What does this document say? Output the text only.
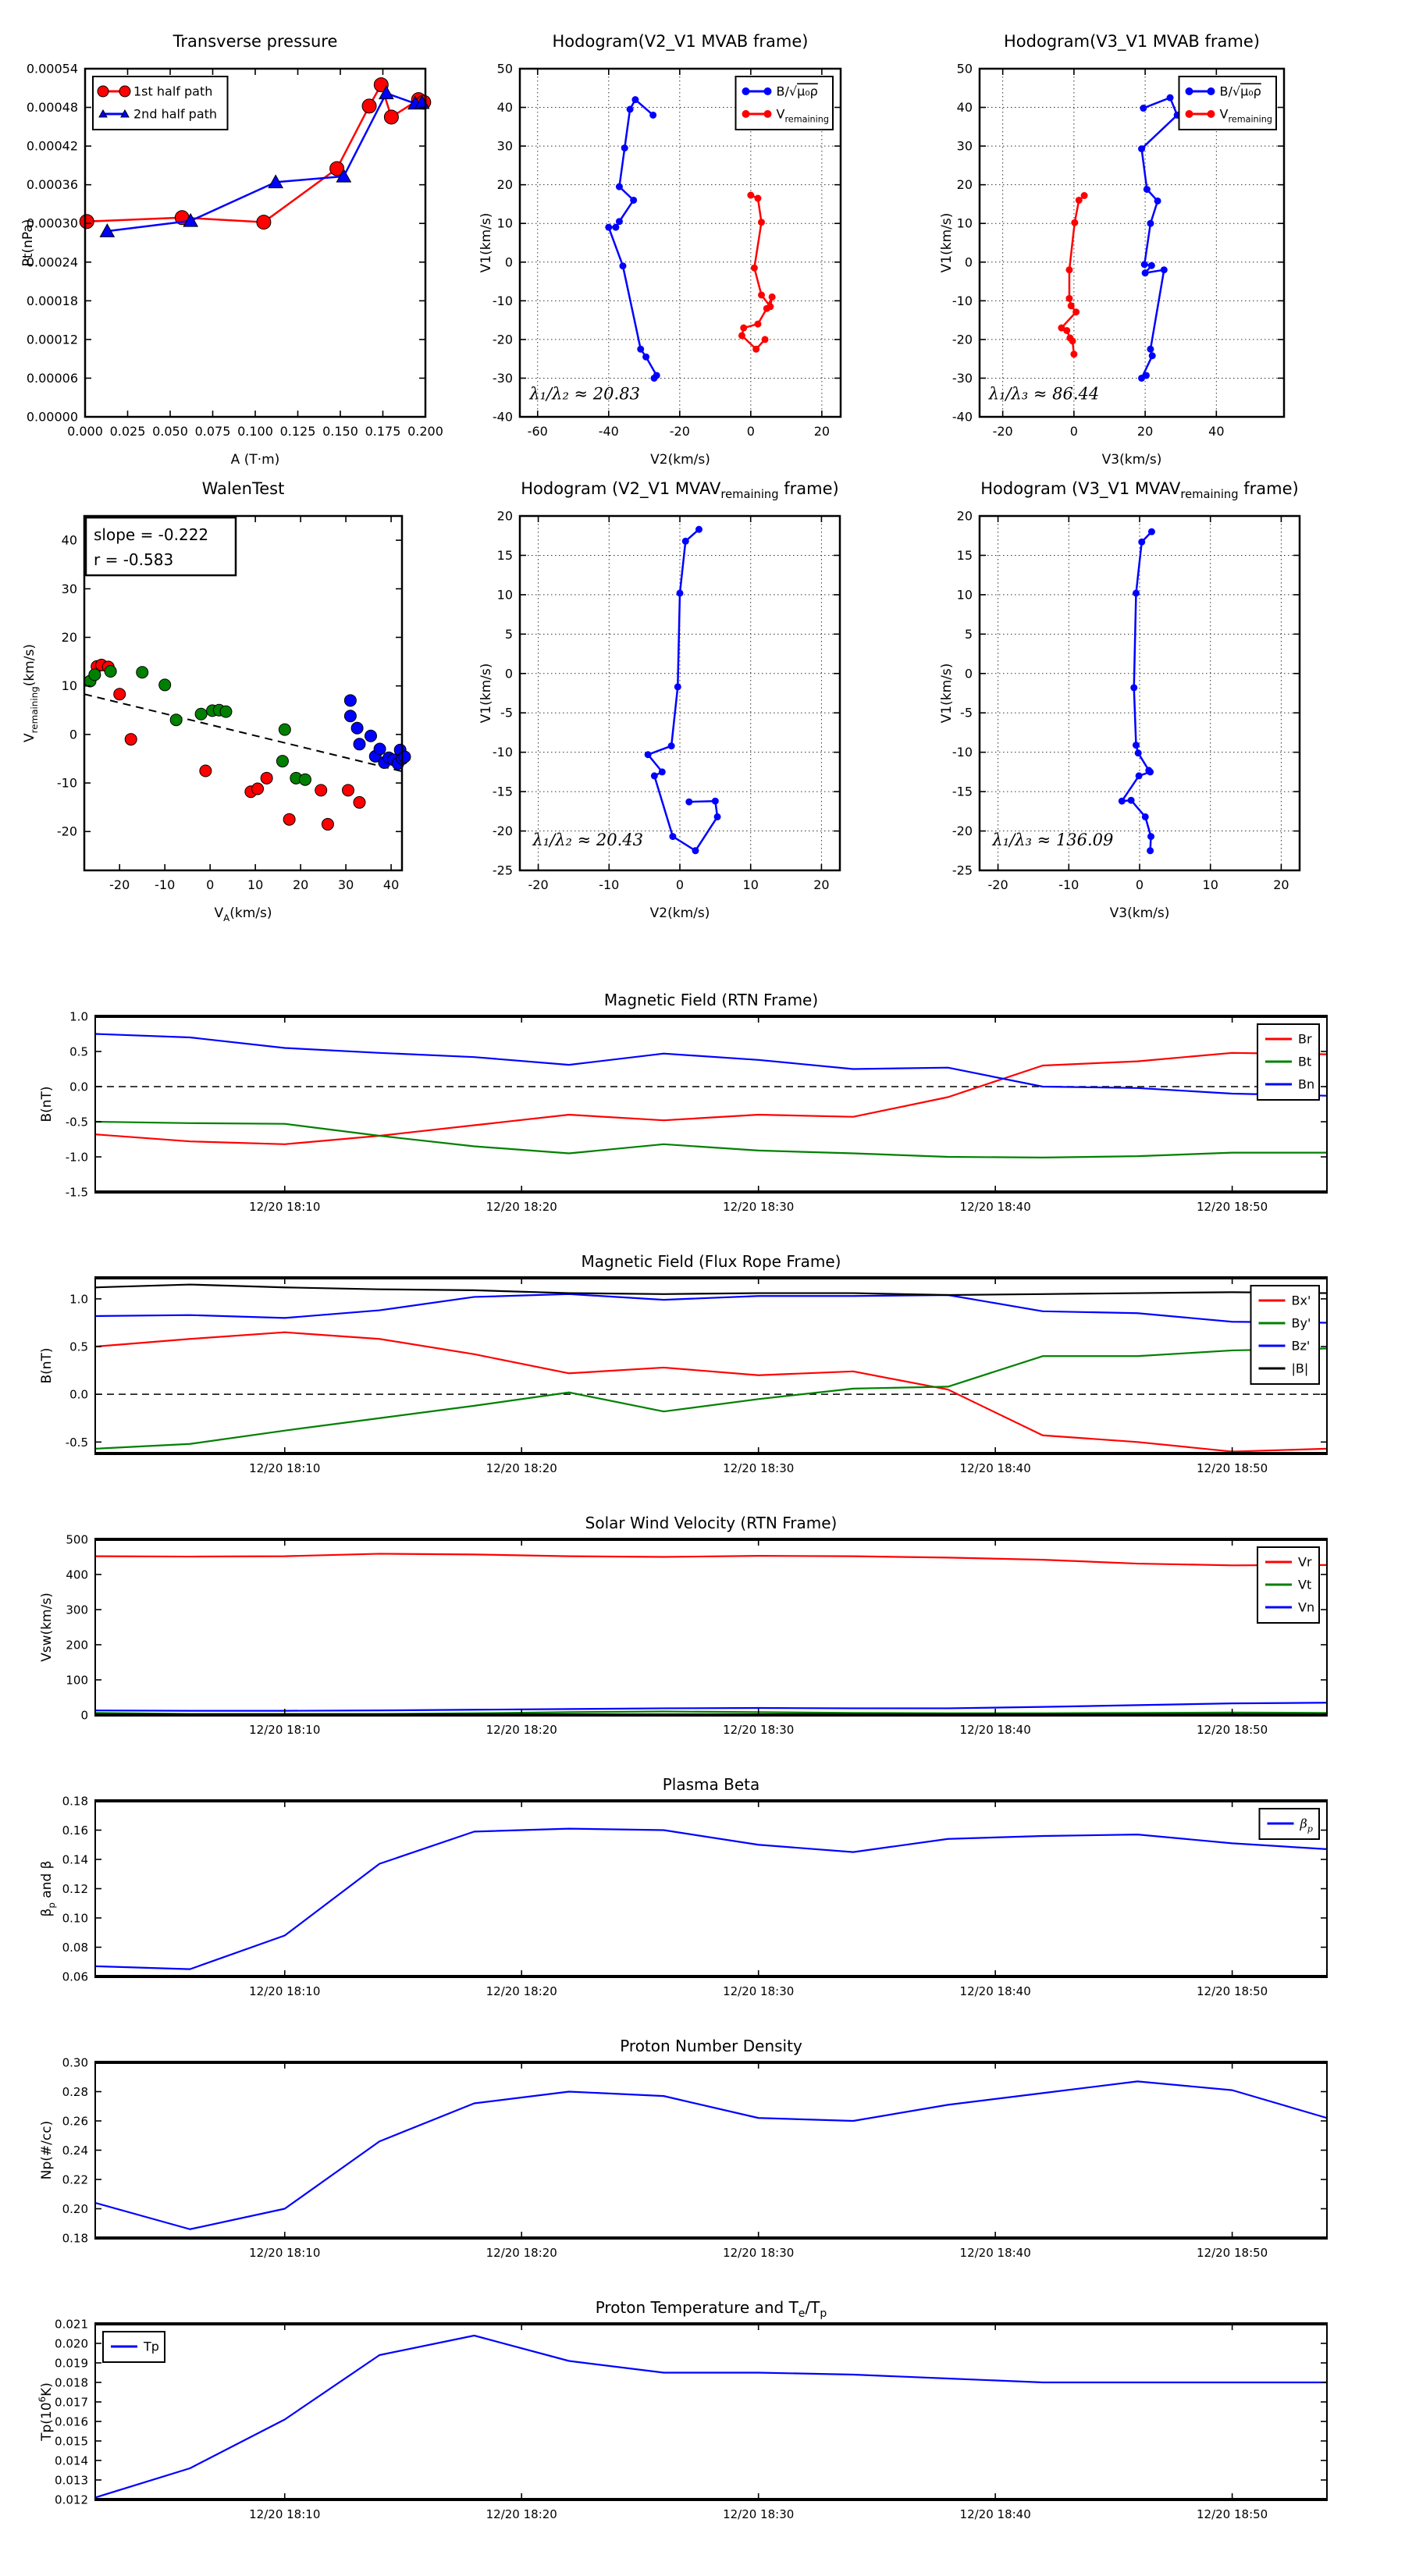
0.000 0.025 0.050 0.075 0.100 0.125 0.150 0.175 0.200
0.00000
0.00006
0.00012
0.00018
0.00024
0.00030
0.00036
0.00042
0.00048
0.00054
Transverse pressure
A (T·m)
Pt(nPa)
1st half path
2nd half path
-60	-40	-20	0	20
-40
-30
-20
-10
0
10
20
30
40
50
Hodogram(V2_V1 MVAB frame)
V2(km/s)
V1(km/s)
B/√μ₀ρ
$V_{remaining}$
λ₁/λ₂ ≈ 20.83
-20	0	20	40
-40
-30
-20
-10
0
10
20
30
40
50
Hodogram(V3_V1 MVAB frame)
V3(km/s)
V1(km/s)
B/√μ₀ρ
$V_{remaining}$
λ₁/λ₃ ≈ 86.44
-20 -10 0	10 20 30 40
-20
-10
0
10
20
30
40
WalenTest
$V_A(km/s)$
$V_{remaining}(km/s)$
slope = -0.222
r = -0.583
-20	-10	0	10	20
-25
-20
-15
-10
-5
0
5
10
15
20
Hodogram (V2_V1 $MVAV_{remaining}$ frame)
V2(km/s)
V1(km/s)
λ₁/λ₂ ≈ 20.43
-20	-10	0	10	20
-25
-20
-15
-10
-5
0
5
10
15
20
Hodogram (V3_V1 $MVAV_{remaining}$ frame)
V3(km/s)
V1(km/s)
λ₁/λ₃ ≈ 136.09
12/20 18:10	12/20 18:20	12/20 18:30	12/20 18:40	12/20 18:50
-1.5
-1.0
-0.5
0.0
0.5
1.0
Magnetic Field (RTN Frame)
B(nT)
Br
Bt
Bn
12/20 18:10	12/20 18:20	12/20 18:30	12/20 18:40	12/20 18:50
-0.5
0.0
0.5
1.0
Magnetic Field (Flux Rope Frame)
B(nT)
Bx'
By'
Bz'
|B|
12/20 18:10	12/20 18:20	12/20 18:30	12/20 18:40	12/20 18:50
0
100
200
300
400
500
Solar Wind Velocity (RTN Frame)
Vsw(km/s)
Vr
Vt
Vn
12/20 18:10	12/20 18:20	12/20 18:30	12/20 18:40	12/20 18:50
0.06
0.08
0.10
0.12
0.14
0.16
0.18
Plasma Beta
$\beta_p$ and β
$\beta_p$
12/20 18:10	12/20 18:20	12/20 18:30	12/20 18:40	12/20 18:50
0.18
0.20
0.22
0.24
0.26
0.28
0.30
Proton Number Density
Np(#/cc)
12/20 18:10	12/20 18:20	12/20 18:30	12/20 18:40	12/20 18:50
0.012
0.013
0.014
0.015
0.016
0.017
0.018
0.019
0.020
0.021
Proton Temperature and $T_e/T_p$
$Tp(10^6K)$
Tp
